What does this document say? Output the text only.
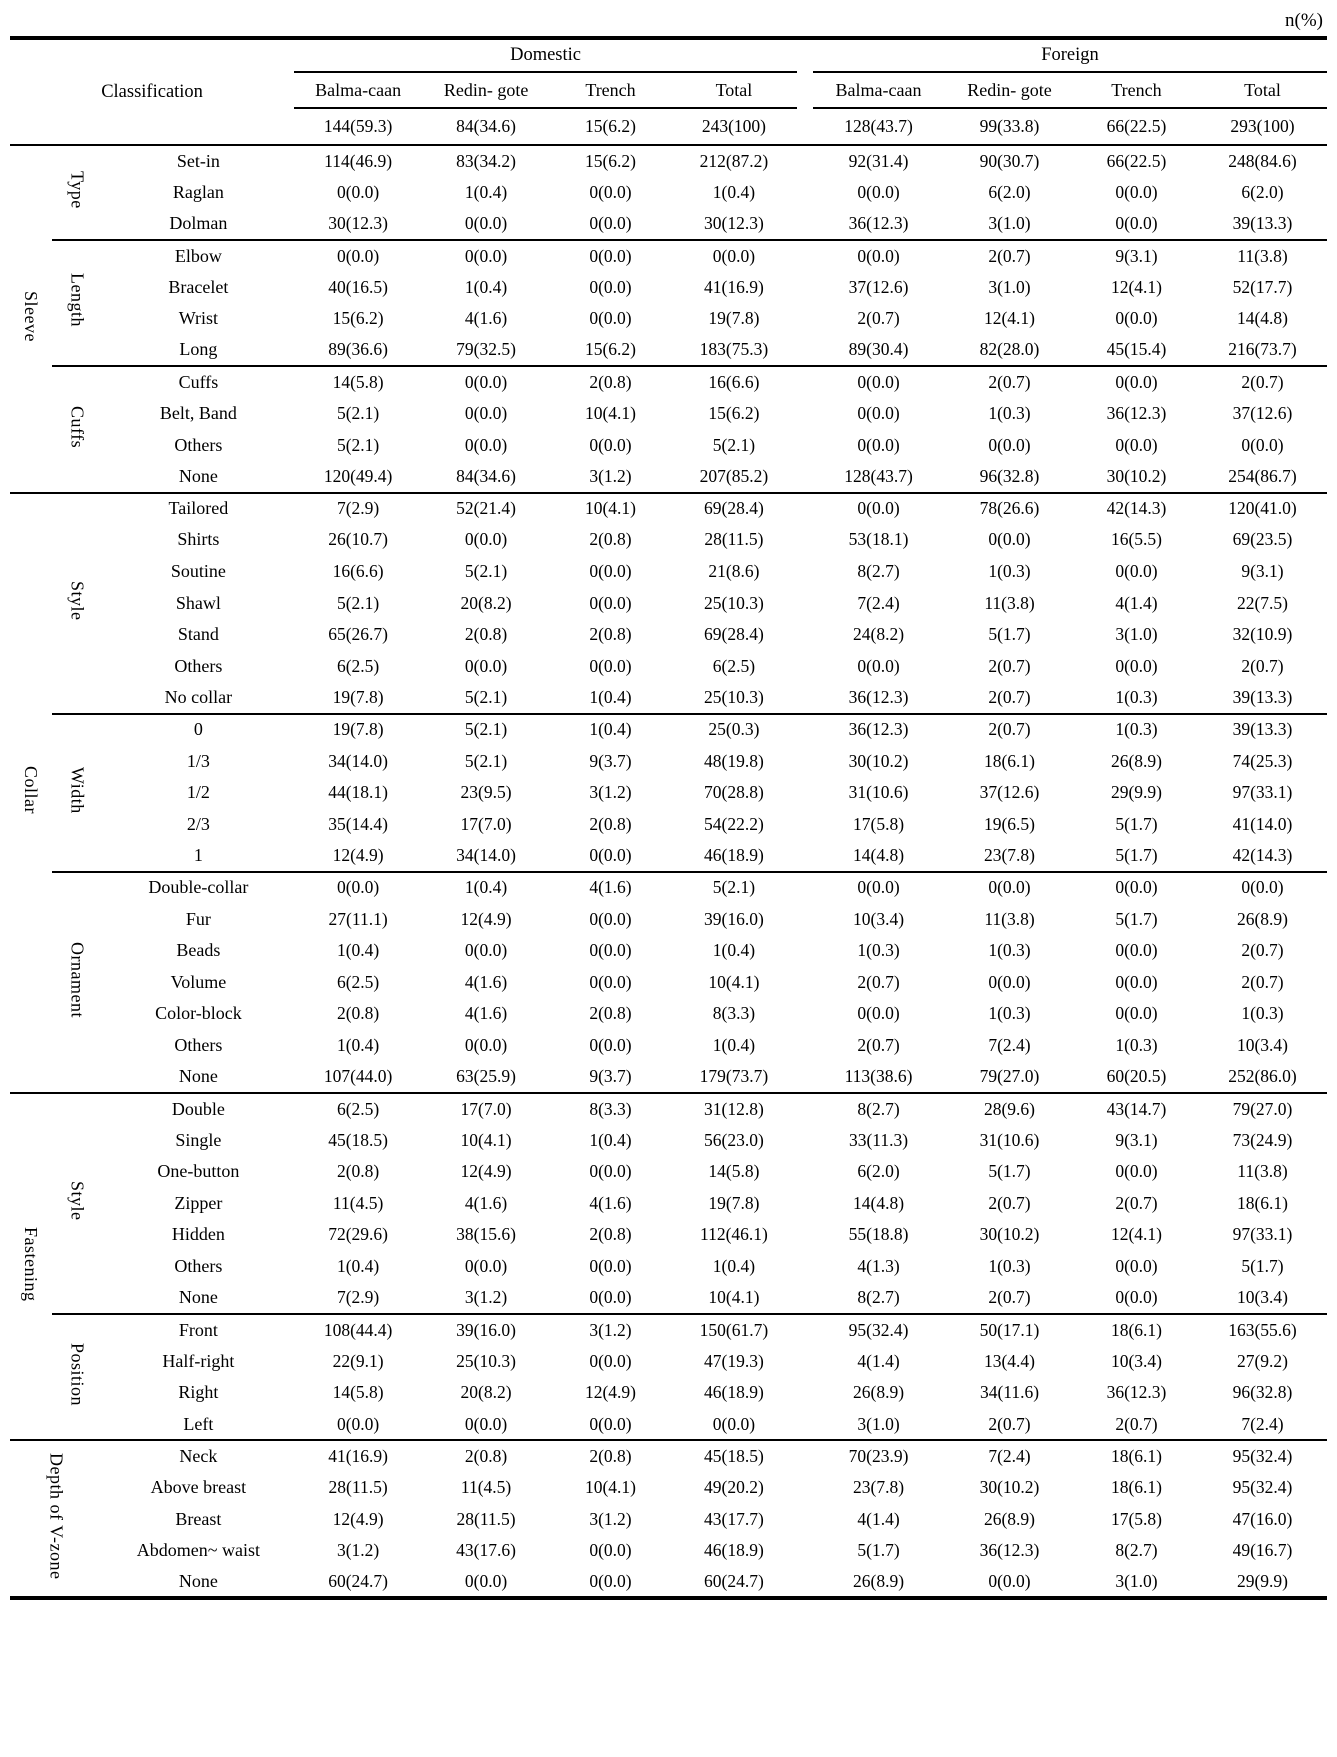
n(%)
Classification			Domestic					Foreign			
			Balma-caan	Redin- gote	Trench	Total		Balma-caan	Redin- gote	Trench	Total
			144(59.3)	84(34.6)	15(6.2)	243(100)		128(43.7)	99(33.8)	66(22.5)	293(100)
Sleeve	Type	Set-in	114(46.9)	83(34.2)	15(6.2)	212(87.2)		92(31.4)	90(30.7)	66(22.5)	248(84.6)
		Raglan	0(0.0)	1(0.4)	0(0.0)	1(0.4)		0(0.0)	6(2.0)	0(0.0)	6(2.0)
		Dolman	30(12.3)	0(0.0)	0(0.0)	30(12.3)		36(12.3)	3(1.0)	0(0.0)	39(13.3)
	Length	Elbow	0(0.0)	0(0.0)	0(0.0)	0(0.0)		0(0.0)	2(0.7)	9(3.1)	11(3.8)
		Bracelet	40(16.5)	1(0.4)	0(0.0)	41(16.9)		37(12.6)	3(1.0)	12(4.1)	52(17.7)
		Wrist	15(6.2)	4(1.6)	0(0.0)	19(7.8)		2(0.7)	12(4.1)	0(0.0)	14(4.8)
		Long	89(36.6)	79(32.5)	15(6.2)	183(75.3)		89(30.4)	82(28.0)	45(15.4)	216(73.7)
	Cuffs	Cuffs	14(5.8)	0(0.0)	2(0.8)	16(6.6)		0(0.0)	2(0.7)	0(0.0)	2(0.7)
		Belt, Band	5(2.1)	0(0.0)	10(4.1)	15(6.2)		0(0.0)	1(0.3)	36(12.3)	37(12.6)
		Others	5(2.1)	0(0.0)	0(0.0)	5(2.1)		0(0.0)	0(0.0)	0(0.0)	0(0.0)
		None	120(49.4)	84(34.6)	3(1.2)	207(85.2)		128(43.7)	96(32.8)	30(10.2)	254(86.7)
Collar	Style	Tailored	7(2.9)	52(21.4)	10(4.1)	69(28.4)		0(0.0)	78(26.6)	42(14.3)	120(41.0)
		Shirts	26(10.7)	0(0.0)	2(0.8)	28(11.5)		53(18.1)	0(0.0)	16(5.5)	69(23.5)
		Soutine	16(6.6)	5(2.1)	0(0.0)	21(8.6)		8(2.7)	1(0.3)	0(0.0)	9(3.1)
		Shawl	5(2.1)	20(8.2)	0(0.0)	25(10.3)		7(2.4)	11(3.8)	4(1.4)	22(7.5)
		Stand	65(26.7)	2(0.8)	2(0.8)	69(28.4)		24(8.2)	5(1.7)	3(1.0)	32(10.9)
		Others	6(2.5)	0(0.0)	0(0.0)	6(2.5)		0(0.0)	2(0.7)	0(0.0)	2(0.7)
		No collar	19(7.8)	5(2.1)	1(0.4)	25(10.3)		36(12.3)	2(0.7)	1(0.3)	39(13.3)
	Width	0	19(7.8)	5(2.1)	1(0.4)	25(0.3)		36(12.3)	2(0.7)	1(0.3)	39(13.3)
		1/3	34(14.0)	5(2.1)	9(3.7)	48(19.8)		30(10.2)	18(6.1)	26(8.9)	74(25.3)
		1/2	44(18.1)	23(9.5)	3(1.2)	70(28.8)		31(10.6)	37(12.6)	29(9.9)	97(33.1)
		2/3	35(14.4)	17(7.0)	2(0.8)	54(22.2)		17(5.8)	19(6.5)	5(1.7)	41(14.0)
		1	12(4.9)	34(14.0)	0(0.0)	46(18.9)		14(4.8)	23(7.8)	5(1.7)	42(14.3)
	Ornament	Double-collar	0(0.0)	1(0.4)	4(1.6)	5(2.1)		0(0.0)	0(0.0)	0(0.0)	0(0.0)
		Fur	27(11.1)	12(4.9)	0(0.0)	39(16.0)		10(3.4)	11(3.8)	5(1.7)	26(8.9)
		Beads	1(0.4)	0(0.0)	0(0.0)	1(0.4)		1(0.3)	1(0.3)	0(0.0)	2(0.7)
		Volume	6(2.5)	4(1.6)	0(0.0)	10(4.1)		2(0.7)	0(0.0)	0(0.0)	2(0.7)
		Color-block	2(0.8)	4(1.6)	2(0.8)	8(3.3)		0(0.0)	1(0.3)	0(0.0)	1(0.3)
		Others	1(0.4)	0(0.0)	0(0.0)	1(0.4)		2(0.7)	7(2.4)	1(0.3)	10(3.4)
		None	107(44.0)	63(25.9)	9(3.7)	179(73.7)		113(38.6)	79(27.0)	60(20.5)	252(86.0)
Fastening	Style	Double	6(2.5)	17(7.0)	8(3.3)	31(12.8)		8(2.7)	28(9.6)	43(14.7)	79(27.0)
		Single	45(18.5)	10(4.1)	1(0.4)	56(23.0)		33(11.3)	31(10.6)	9(3.1)	73(24.9)
		One-button	2(0.8)	12(4.9)	0(0.0)	14(5.8)		6(2.0)	5(1.7)	0(0.0)	11(3.8)
		Zipper	11(4.5)	4(1.6)	4(1.6)	19(7.8)		14(4.8)	2(0.7)	2(0.7)	18(6.1)
		Hidden	72(29.6)	38(15.6)	2(0.8)	112(46.1)		55(18.8)	30(10.2)	12(4.1)	97(33.1)
		Others	1(0.4)	0(0.0)	0(0.0)	1(0.4)		4(1.3)	1(0.3)	0(0.0)	5(1.7)
		None	7(2.9)	3(1.2)	0(0.0)	10(4.1)		8(2.7)	2(0.7)	0(0.0)	10(3.4)
	Position	Front	108(44.4)	39(16.0)	3(1.2)	150(61.7)		95(32.4)	50(17.1)	18(6.1)	163(55.6)
		Half-right	22(9.1)	25(10.3)	0(0.0)	47(19.3)		4(1.4)	13(4.4)	10(3.4)	27(9.2)
		Right	14(5.8)	20(8.2)	12(4.9)	46(18.9)		26(8.9)	34(11.6)	36(12.3)	96(32.8)
		Left	0(0.0)	0(0.0)	0(0.0)	0(0.0)		3(1.0)	2(0.7)	2(0.7)	7(2.4)
Depth of V-zone		Neck	41(16.9)	2(0.8)	2(0.8)	45(18.5)		70(23.9)	7(2.4)	18(6.1)	95(32.4)
		Above breast	28(11.5)	11(4.5)	10(4.1)	49(20.2)		23(7.8)	30(10.2)	18(6.1)	95(32.4)
		Breast	12(4.9)	28(11.5)	3(1.2)	43(17.7)		4(1.4)	26(8.9)	17(5.8)	47(16.0)
		Abdomen~ waist	3(1.2)	43(17.6)	0(0.0)	46(18.9)		5(1.7)	36(12.3)	8(2.7)	49(16.7)
		None	60(24.7)	0(0.0)	0(0.0)	60(24.7)		26(8.9)	0(0.0)	3(1.0)	29(9.9)
